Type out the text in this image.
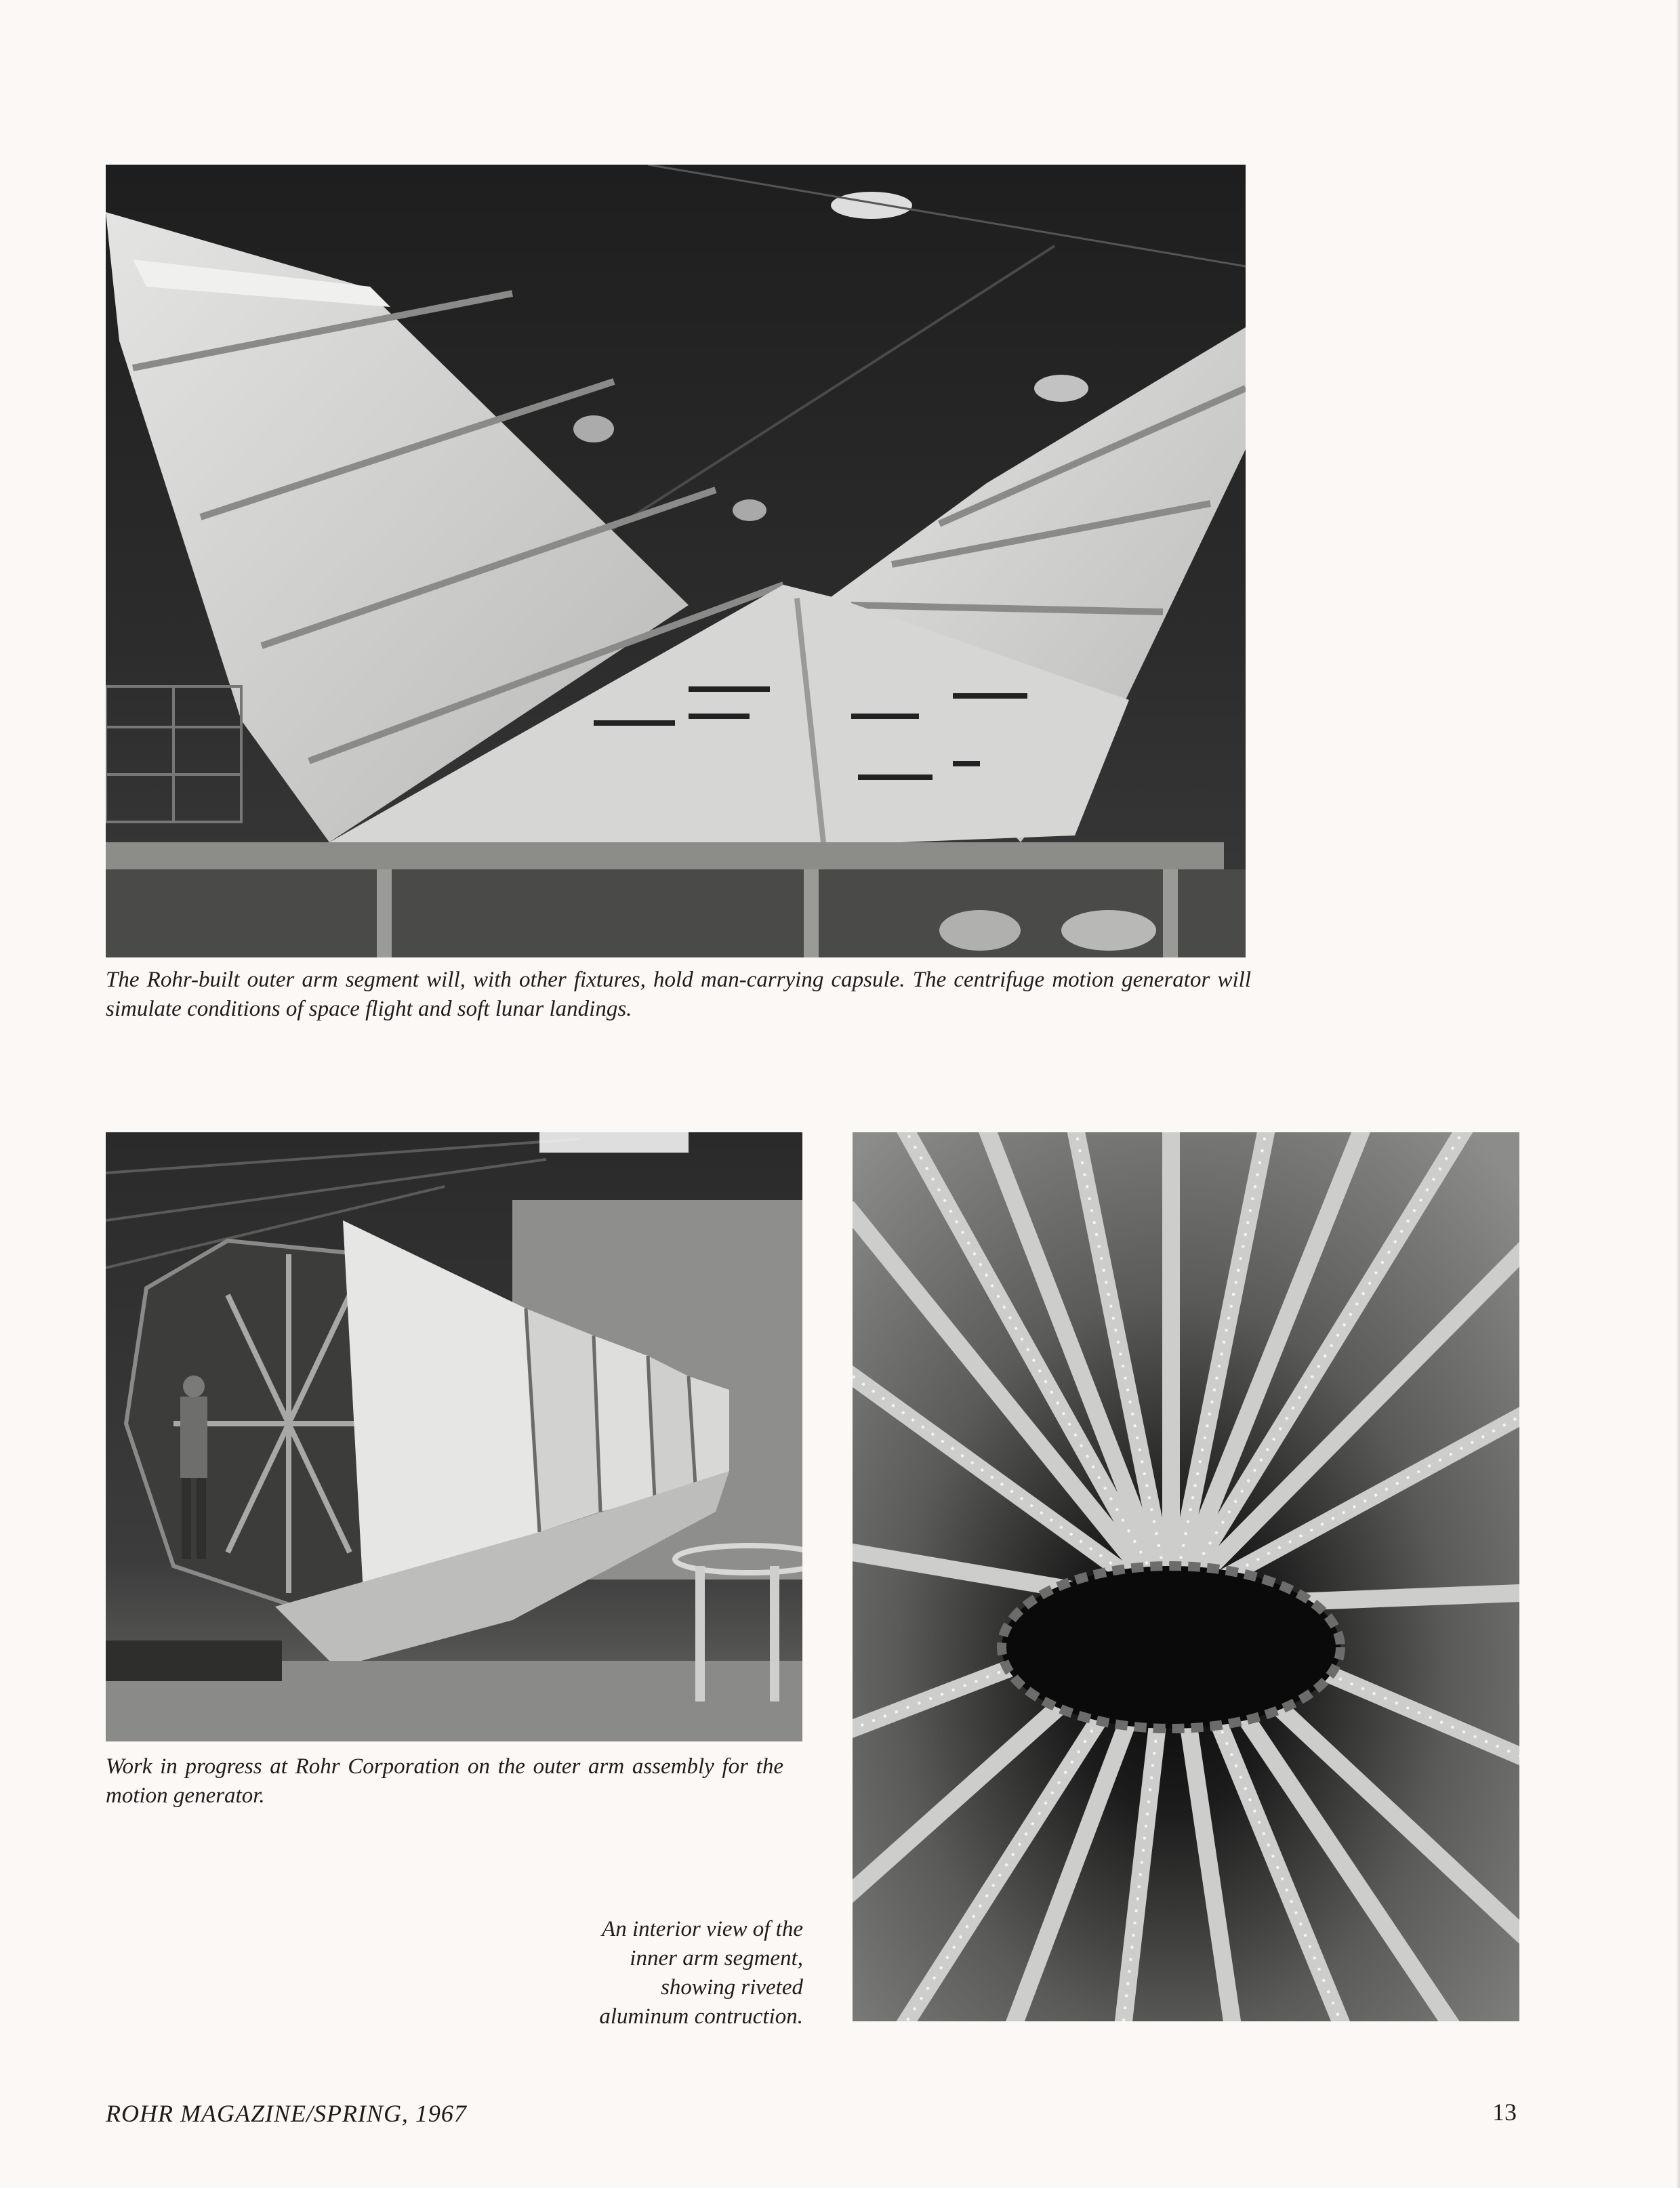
The Rohr-built outer arm segment will, with other fixtures, hold man-carrying capsule. The centrifuge motion generator will simulate conditions of space flight and soft lunar landings.

Work in progress at Rohr Corporation on the outer arm assembly for the motion generator.

An interior view of the
inner arm segment,
showing riveted
aluminum contruction.
ROHR MAGAZINE/SPRING, 1967	13
